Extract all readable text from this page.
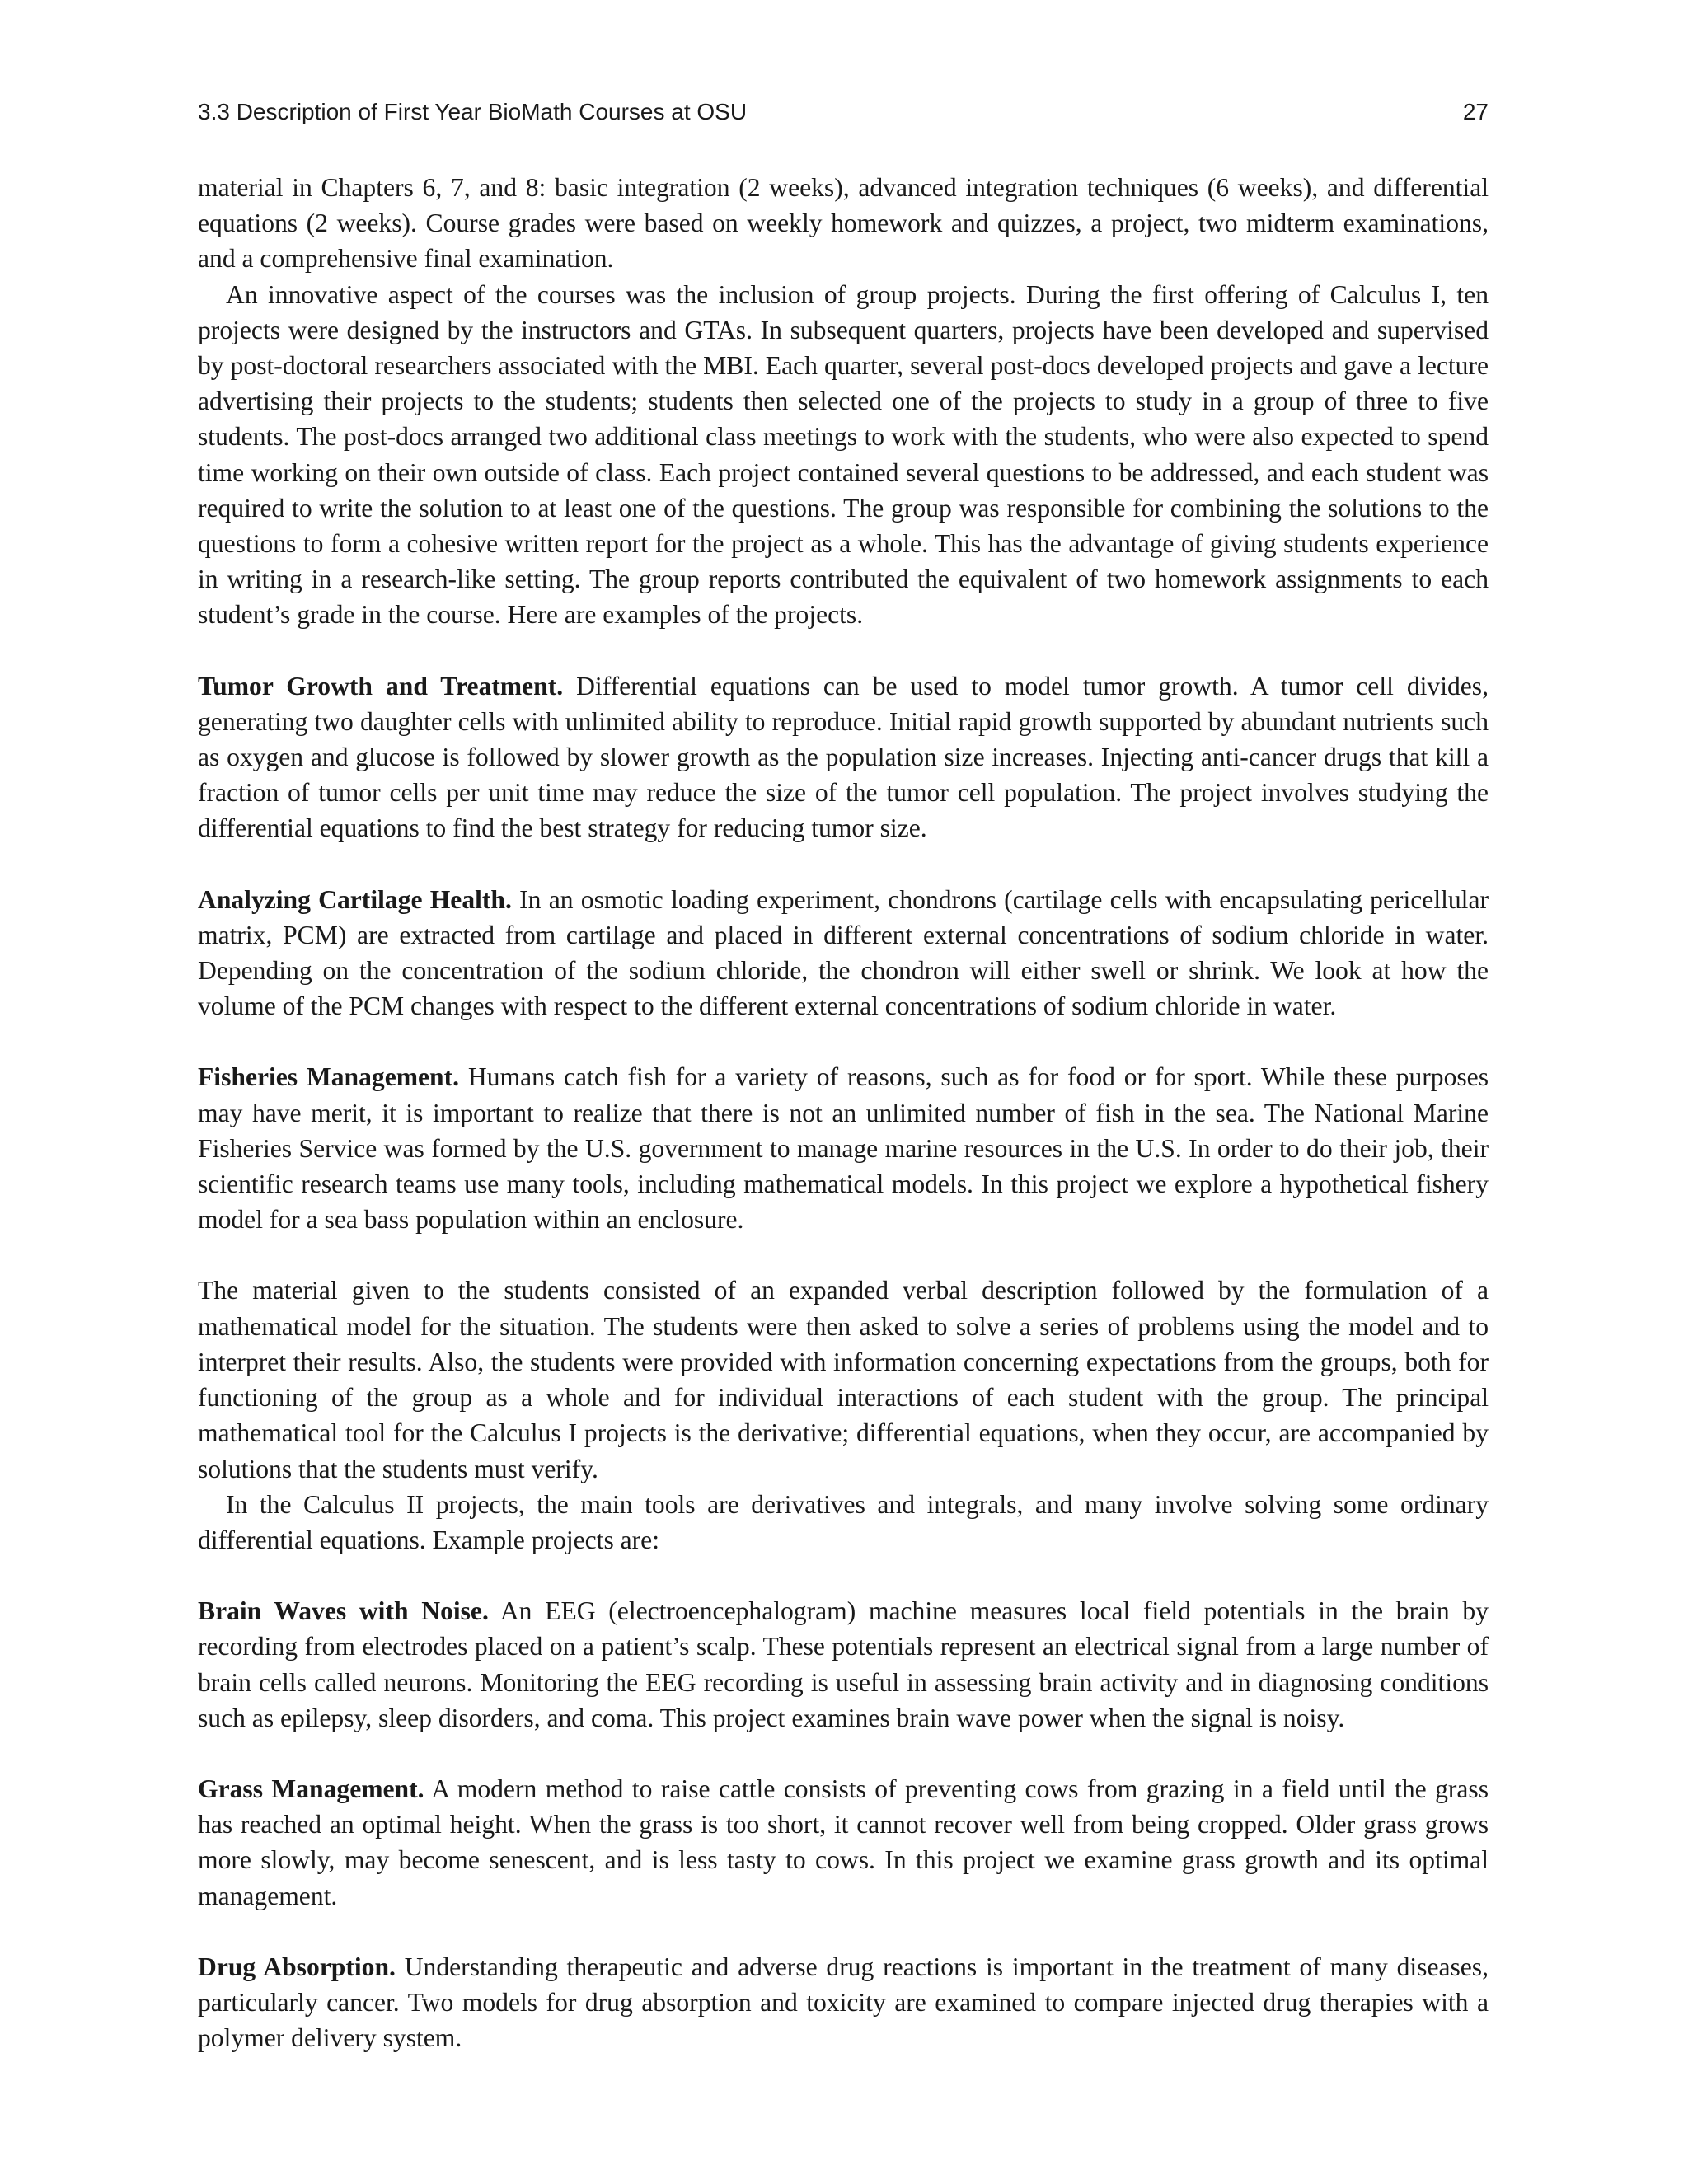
3.3 Description of First Year BioMath Courses at OSU	27

material in Chapters 6, 7, and 8: basic integration (2 weeks), advanced integration techniques (6 weeks), and differential equations (2 weeks). Course grades were based on weekly homework and quizzes, a project, two midterm examinations, and a comprehensive final examination.

An innovative aspect of the courses was the inclusion of group projects. During the first offering of Calculus I, ten projects were designed by the instructors and GTAs. In subsequent quarters, projects have been developed and supervised by post-doctoral researchers associated with the MBI. Each quarter, several post-docs developed projects and gave a lecture advertising their projects to the students; students then selected one of the projects to study in a group of three to five students. The post-docs arranged two additional class meetings to work with the students, who were also expected to spend time working on their own outside of class. Each project contained several questions to be addressed, and each student was required to write the solution to at least one of the questions. The group was responsible for combining the solutions to the questions to form a cohesive written report for the project as a whole. This has the advantage of giving students experience in writing in a research-like setting. The group reports contributed the equivalent of two homework assignments to each student’s grade in the course. Here are examples of the projects.

Tumor Growth and Treatment. Differential equations can be used to model tumor growth. A tumor cell divides, generating two daughter cells with unlimited ability to reproduce. Initial rapid growth supported by abundant nutrients such as oxygen and glucose is followed by slower growth as the population size increases. Injecting anti-cancer drugs that kill a fraction of tumor cells per unit time may reduce the size of the tumor cell population. The project involves studying the differential equations to find the best strategy for reducing tumor size.

Analyzing Cartilage Health. In an osmotic loading experiment, chondrons (cartilage cells with encapsulating pericellular matrix, PCM) are extracted from cartilage and placed in different external concentrations of sodium chloride in water. Depending on the concentration of the sodium chloride, the chondron will either swell or shrink. We look at how the volume of the PCM changes with respect to the different external concentrations of sodium chloride in water.

Fisheries Management. Humans catch fish for a variety of reasons, such as for food or for sport. While these purposes may have merit, it is important to realize that there is not an unlimited number of fish in the sea. The National Marine Fisheries Service was formed by the U.S. government to manage marine resources in the U.S. In order to do their job, their scientific research teams use many tools, including mathematical models. In this project we explore a hypothetical fishery model for a sea bass population within an enclosure.

The material given to the students consisted of an expanded verbal description followed by the formulation of a mathematical model for the situation. The students were then asked to solve a series of problems using the model and to interpret their results. Also, the students were provided with information concerning expectations from the groups, both for functioning of the group as a whole and for individual interactions of each student with the group. The principal mathematical tool for the Calculus I projects is the derivative; differential equations, when they occur, are accompanied by solutions that the students must verify.

In the Calculus II projects, the main tools are derivatives and integrals, and many involve solving some ordinary differential equations. Example projects are:

Brain Waves with Noise. An EEG (electroencephalogram) machine measures local field potentials in the brain by recording from electrodes placed on a patient’s scalp. These potentials represent an electrical signal from a large number of brain cells called neurons. Monitoring the EEG recording is useful in assessing brain activity and in diagnosing conditions such as epilepsy, sleep disorders, and coma. This project examines brain wave power when the signal is noisy.

Grass Management. A modern method to raise cattle consists of preventing cows from grazing in a field until the grass has reached an optimal height. When the grass is too short, it cannot recover well from being cropped. Older grass grows more slowly, may become senescent, and is less tasty to cows. In this project we examine grass growth and its optimal management.

Drug Absorption. Understanding therapeutic and adverse drug reactions is important in the treatment of many diseases, particularly cancer. Two models for drug absorption and toxicity are examined to compare injected drug therapies with a polymer delivery system.
